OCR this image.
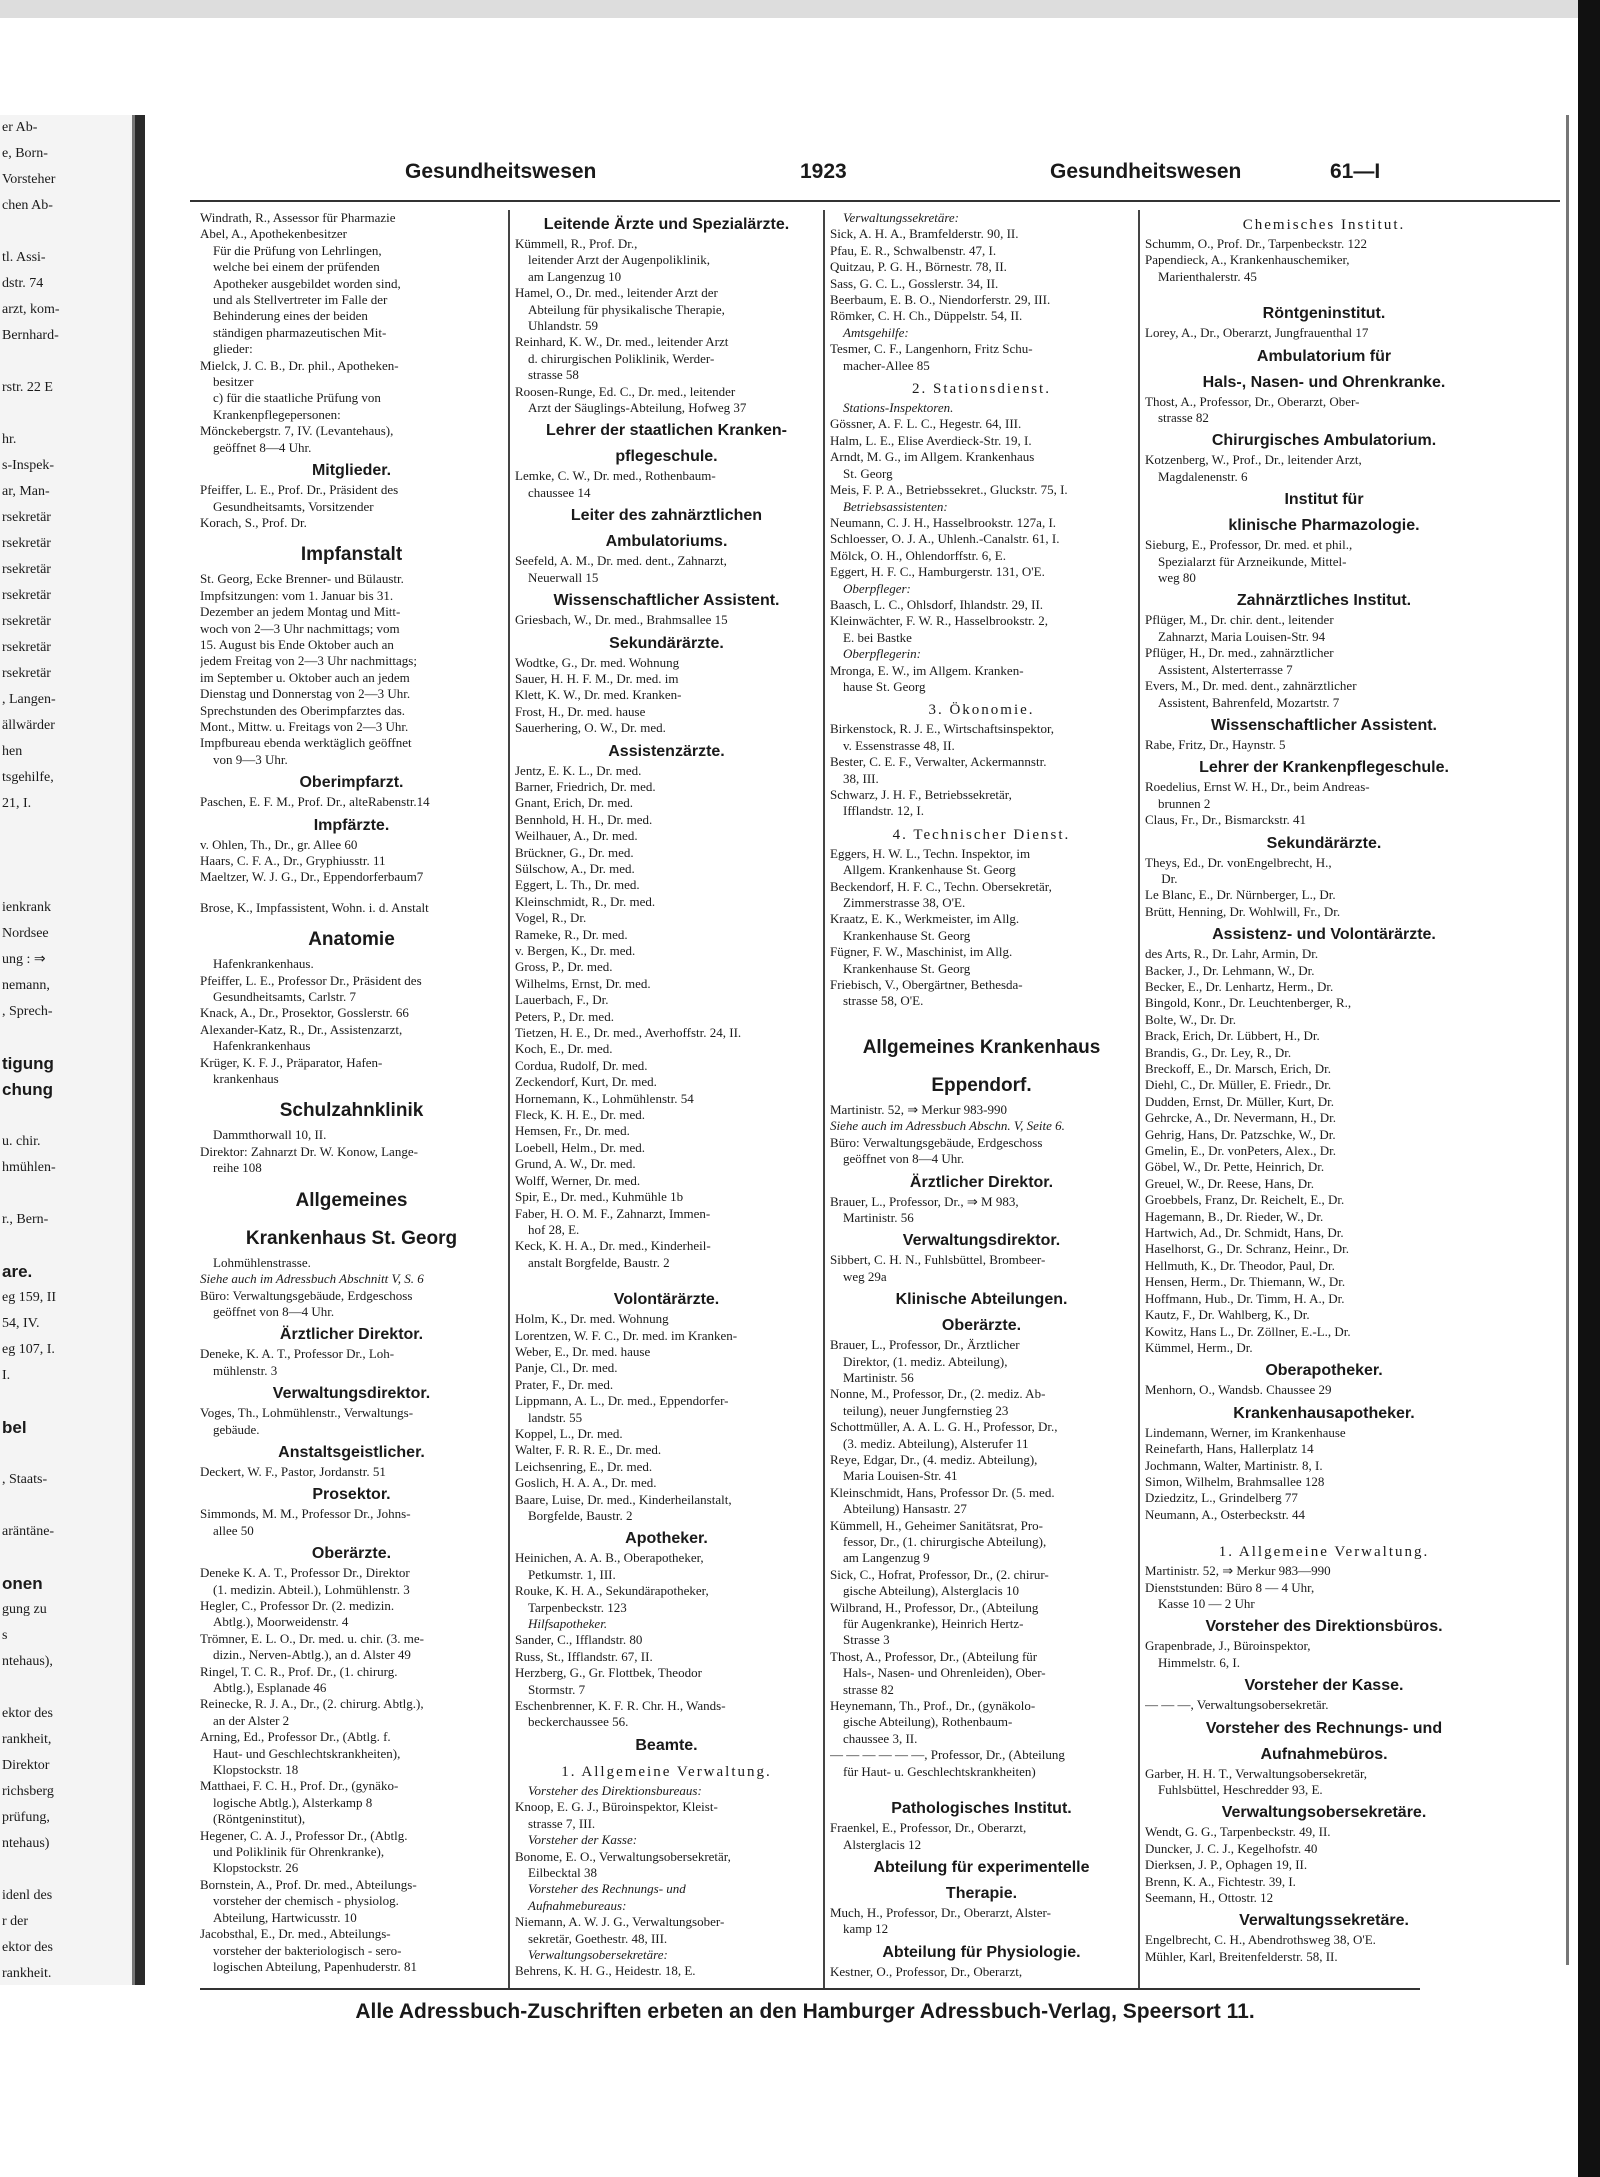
er Ab-
e, Born-
Vorsteher
chen Ab-

tl. Assi-
dstr. 74
arzt, kom-
Bernhard-

rstr. 22 E

hr.
s-Inspek-
ar, Man-
rsekretär
rsekretär
rsekretär
rsekretär
rsekretär
rsekretär
rsekretär
, Langen-
ällwärder
hen
tsgehilfe,
21, I.

ienkrank
Nordsee
ung : ⇒
nemann,
, Sprech-

tigung
chung

u. chir.
hmühlen-

r., Bern-

are.
eg 159, II
54, IV.
eg 107, I.
I.

bel

, Staats-

aräntäne-

onen
gung zu
s
ntehaus),

ektor des
rankheit,
Direktor
richsberg
prüfung,
ntehaus)

idenl des
r der
ektor des
rankheit.
Gesundheitswesen	1923	Gesundheitswesen	61—I
Windrath, R., Assessor für Pharmazie
Abel, A., Apothekenbesitzer
 Für die Prüfung von Lehrlingen,
 welche bei einem der prüfenden
 Apotheker ausgebildet worden sind,
 und als Stellvertreter im Falle der
 Behinderung eines der beiden
 ständigen pharmazeutischen Mit-
 glieder:
Mielck, J. C. B., Dr. phil., Apotheken-
 besitzer
 c) für die staatliche Prüfung von
 Krankenpflegepersonen:
Mönckebergstr. 7, IV. (Levantehaus),
 geöffnet 8—4 Uhr.
Mitglieder.
Pfeiffer, L. E., Prof. Dr., Präsident des
 Gesundheitsamts, Vorsitzender
Korach, S., Prof. Dr.
Impfanstalt
St. Georg, Ecke Brenner- und Bülaustr.
Impfsitzungen: vom 1. Januar bis 31.
Dezember an jedem Montag und Mitt-
woch von 2—3 Uhr nachmittags; vom
15. August bis Ende Oktober auch an
jedem Freitag von 2—3 Uhr nachmittags;
im September u. Oktober auch an jedem
Dienstag und Donnerstag von 2—3 Uhr.
Sprechstunden des Oberimpfarztes das.
Mont., Mittw. u. Freitags von 2—3 Uhr.
Impfbureau ebenda werktäglich geöffnet
 von 9—3 Uhr.
Oberimpfarzt.
Paschen, E. F. M., Prof. Dr., alteRabenstr.14
Impfärzte.
v. Ohlen, Th., Dr., gr. Allee 60
Haars, C. F. A., Dr., Gryphiusstr. 11
Maeltzer, W. J. G., Dr., Eppendorferbaum7
Brose, K., Impfassistent, Wohn. i. d. Anstalt
Anatomie
 Hafenkrankenhaus.
Pfeiffer, L. E., Professor Dr., Präsident des
 Gesundheitsamts, Carlstr. 7
Knack, A., Dr., Prosektor, Gosslerstr. 66
Alexander-Katz, R., Dr., Assistenzarzt,
 Hafenkrankenhaus
Krüger, K. F. J., Präparator, Hafen-
 krankenhaus
Schulzahnklinik
 Dammthorwall 10, II.
Direktor: Zahnarzt Dr. W. Konow, Lange-
 reihe 108
Allgemeines
Krankenhaus St. Georg
 Lohmühlenstrasse.
Siehe auch im Adressbuch Abschnitt V, S. 6
Büro: Verwaltungsgebäude, Erdgeschoss
 geöffnet von 8—4 Uhr.
Ärztlicher Direktor.
Deneke, K. A. T., Professor Dr., Loh-
 mühlenstr. 3
Verwaltungsdirektor.
Voges, Th., Lohmühlenstr., Verwaltungs-
 gebäude.
Anstaltsgeistlicher.
Deckert, W. F., Pastor, Jordanstr. 51
Prosektor.
Simmonds, M. M., Professor Dr., Johns-
 allee 50
Oberärzte.
Deneke K. A. T., Professor Dr., Direktor
 (1. medizin. Abteil.), Lohmühlenstr. 3
Hegler, C., Professor Dr. (2. medizin.
 Abtlg.), Moorweidenstr. 4
Trömner, E. L. O., Dr. med. u. chir. (3. me-
 dizin., Nerven-Abtlg.), an d. Alster 49
Ringel, T. C. R., Prof. Dr., (1. chirurg.
 Abtlg.), Esplanade 46
Reinecke, R. J. A., Dr., (2. chirurg. Abtlg.),
 an der Alster 2
Arning, Ed., Professor Dr., (Abtlg. f.
 Haut- und Geschlechtskrankheiten),
 Klopstockstr. 18
Matthaei, F. C. H., Prof. Dr., (gynäko-
 logische Abtlg.), Alsterkamp 8
 (Röntgeninstitut),
Hegener, C. A. J., Professor Dr., (Abtlg.
 und Poliklinik für Ohrenkranke),
 Klopstockstr. 26
Bornstein, A., Prof. Dr. med., Abteilungs-
 vorsteher der chemisch - physiolog.
 Abteilung, Hartwicusstr. 10
Jacobsthal, E., Dr. med., Abteilungs-
 vorsteher der bakteriologisch - sero-
 logischen Abteilung, Papenhuderstr. 81
Leitende Ärzte und Spezialärzte.
Kümmell, R., Prof. Dr.,
 leitender Arzt der Augenpoliklinik,
 am Langenzug 10
Hamel, O., Dr. med., leitender Arzt der
 Abteilung für physikalische Therapie,
 Uhlandstr. 59
Reinhard, K. W., Dr. med., leitender Arzt
 d. chirurgischen Poliklinik, Werder-
 strasse 58
Roosen-Runge, Ed. C., Dr. med., leitender
 Arzt der Säuglings-Abteilung, Hofweg 37
Lehrer der staatlichen Kranken-
pflegeschule.
Lemke, C. W., Dr. med., Rothenbaum-
 chaussee 14
Leiter des zahnärztlichen
Ambulatoriums.
Seefeld, A. M., Dr. med. dent., Zahnarzt,
 Neuerwall 15
Wissenschaftlicher Assistent.
Griesbach, W., Dr. med., Brahmsallee 15
Sekundärärzte.
Wodtke, G., Dr. med. Wohnung
Sauer, H. H. F. M., Dr. med. im
Klett, K. W., Dr. med. Kranken-
Frost, H., Dr. med. hause
Sauerhering, O. W., Dr. med.
Assistenzärzte.
Jentz, E. K. L., Dr. med.
Barner, Friedrich, Dr. med.
Gnant, Erich, Dr. med.
Bennhold, H. H., Dr. med.
Weilhauer, A., Dr. med.
Brückner, G., Dr. med.
Sülschow, A., Dr. med.
Eggert, L. Th., Dr. med.
Kleinschmidt, R., Dr. med.
Vogel, R., Dr.
Rameke, R., Dr. med.
v. Bergen, K., Dr. med.
Gross, P., Dr. med.
Wilhelms, Ernst, Dr. med.
Lauerbach, F., Dr.
Peters, P., Dr. med.
Tietzen, H. E., Dr. med., Averhoffstr. 24, II.
Koch, E., Dr. med.
Cordua, Rudolf, Dr. med.
Zeckendorf, Kurt, Dr. med.
Hornemann, K., Lohmühlenstr. 54
Fleck, K. H. E., Dr. med.
Hemsen, Fr., Dr. med.
Loebell, Helm., Dr. med.
Grund, A. W., Dr. med.
Wolff, Werner, Dr. med.
Spir, E., Dr. med., Kuhmühle 1b
Faber, H. O. M. F., Zahnarzt, Immen-
 hof 28, E.
Keck, K. H. A., Dr. med., Kinderheil-
 anstalt Borgfelde, Baustr. 2
Volontärärzte.
Holm, K., Dr. med. Wohnung
Lorentzen, W. F. C., Dr. med. im Kranken-
Weber, E., Dr. med. hause
Panje, Cl., Dr. med.
Prater, F., Dr. med.
Lippmann, A. L., Dr. med., Eppendorfer-
 landstr. 55
Koppel, L., Dr. med.
Walter, F. R. R. E., Dr. med.
Leichsenring, E., Dr. med.
Goslich, H. A. A., Dr. med.
Baare, Luise, Dr. med., Kinderheilanstalt,
 Borgfelde, Baustr. 2
Apotheker.
Heinichen, A. A. B., Oberapotheker,
 Petkumstr. 1, III.
Rouke, K. H. A., Sekundärapotheker,
 Tarpenbeckstr. 123
 Hilfsapotheker.
Sander, C., Ifflandstr. 80
Russ, St., Ifflandstr. 67, II.
Herzberg, G., Gr. Flottbek, Theodor
 Stormstr. 7
Eschenbrenner, K. F. R. Chr. H., Wands-
 beckerchaussee 56.
Beamte.
1. Allgemeine Verwaltung.
 Vorsteher des Direktionsbureaus:
Knoop, E. G. J., Büroinspektor, Kleist-
 strasse 7, III.
 Vorsteher der Kasse:
Bonome, E. O., Verwaltungsobersekretär,
 Eilbecktal 38
 Vorsteher des Rechnungs- und
 Aufnahmebureaus:
Niemann, A. W. J. G., Verwaltungsober-
 sekretär, Goethestr. 48, III.
 Verwaltungsobersekretäre:
Behrens, K. H. G., Heidestr. 18, E.
 Verwaltungssekretäre:
Sick, A. H. A., Bramfelderstr. 90, II.
Pfau, E. R., Schwalbenstr. 47, I.
Quitzau, P. G. H., Börnestr. 78, II.
Sass, G. C. L., Gosslerstr. 34, II.
Beerbaum, E. B. O., Niendorferstr. 29, III.
Römker, C. H. Ch., Düppelstr. 54, II.
 Amtsgehilfe:
Tesmer, C. F., Langenhorn, Fritz Schu-
 macher-Allee 85
2. Stationsdienst.
 Stations-Inspektoren.
Gössner, A. F. L. C., Hegestr. 64, III.
Halm, L. E., Elise Averdieck-Str. 19, I.
Arndt, M. G., im Allgem. Krankenhaus
 St. Georg
Meis, F. P. A., Betriebssekret., Gluckstr. 75, I.
 Betriebsassistenten:
Neumann, C. J. H., Hasselbrookstr. 127a, I.
Schloesser, O. J. A., Uhlenh.-Canalstr. 61, I.
Mölck, O. H., Ohlendorffstr. 6, E.
Eggert, H. F. C., Hamburgerstr. 131, O'E.
 Oberpfleger:
Baasch, L. C., Ohlsdorf, Ihlandstr. 29, II.
Kleinwächter, F. W. R., Hasselbrookstr. 2,
 E. bei Bastke
 Oberpflegerin:
Mronga, E. W., im Allgem. Kranken-
 hause St. Georg
3. Ökonomie.
Birkenstock, R. J. E., Wirtschaftsinspektor,
 v. Essenstrasse 48, II.
Bester, C. E. F., Verwalter, Ackermannstr.
 38, III.
Schwarz, J. H. F., Betriebssekretär,
 Ifflandstr. 12, I.
4. Technischer Dienst.
Eggers, H. W. L., Techn. Inspektor, im
 Allgem. Krankenhause St. Georg
Beckendorf, H. F. C., Techn. Obersekretär,
 Zimmerstrasse 38, O'E.
Kraatz, E. K., Werkmeister, im Allg.
 Krankenhause St. Georg
Fügner, F. W., Maschinist, im Allg.
 Krankenhause St. Georg
Friebisch, V., Obergärtner, Bethesda-
 strasse 58, O'E.
Allgemeines Krankenhaus
Eppendorf.
Martinistr. 52, ⇒ Merkur 983-990
Siehe auch im Adressbuch Abschn. V, Seite 6.
Büro: Verwaltungsgebäude, Erdgeschoss
 geöffnet von 8—4 Uhr.
Ärztlicher Direktor.
Brauer, L., Professor, Dr., ⇒ M 983,
 Martinistr. 56
Verwaltungsdirektor.
Sibbert, C. H. N., Fuhlsbüttel, Brombeer-
 weg 29a
Klinische Abteilungen.
Oberärzte.
Brauer, L., Professor, Dr., Ärztlicher
 Direktor, (1. mediz. Abteilung),
 Martinistr. 56
Nonne, M., Professor, Dr., (2. mediz. Ab-
 teilung), neuer Jungfernstieg 23
Schottmüller, A. A. L. G. H., Professor, Dr.,
 (3. mediz. Abteilung), Alsterufer 11
Reye, Edgar, Dr., (4. mediz. Abteilung),
 Maria Louisen-Str. 41
Kleinschmidt, Hans, Professor Dr. (5. med.
 Abteilung) Hansastr. 27
Kümmell, H., Geheimer Sanitätsrat, Pro-
 fessor, Dr., (1. chirurgische Abteilung),
 am Langenzug 9
Sick, C., Hofrat, Professor, Dr., (2. chirur-
 gische Abteilung), Alsterglacis 10
Wilbrand, H., Professor, Dr., (Abteilung
 für Augenkranke), Heinrich Hertz-
 Strasse 3
Thost, A., Professor, Dr., (Abteilung für
 Hals-, Nasen- und Ohrenleiden), Ober-
 strasse 82
Heynemann, Th., Prof., Dr., (gynäkolo-
 gische Abteilung), Rothenbaum-
 chaussee 3, II.
— — — — — —, Professor, Dr., (Abteilung
 für Haut- u. Geschlechtskrankheiten)
Pathologisches Institut.
Fraenkel, E., Professor, Dr., Oberarzt,
 Alsterglacis 12
Abteilung für experimentelle
Therapie.
Much, H., Professor, Dr., Oberarzt, Alster-
 kamp 12
Abteilung für Physiologie.
Kestner, O., Professor, Dr., Oberarzt,
Chemisches Institut.
Schumm, O., Prof. Dr., Tarpenbeckstr. 122
Papendieck, A., Krankenhauschemiker,
 Marienthalerstr. 45
Röntgeninstitut.
Lorey, A., Dr., Oberarzt, Jungfrauenthal 17
Ambulatorium für
Hals-, Nasen- und Ohrenkranke.
Thost, A., Professor, Dr., Oberarzt, Ober-
 strasse 82
Chirurgisches Ambulatorium.
Kotzenberg, W., Prof., Dr., leitender Arzt,
 Magdalenenstr. 6
Institut für
klinische Pharmazologie.
Sieburg, E., Professor, Dr. med. et phil.,
 Spezialarzt für Arzneikunde, Mittel-
 weg 80
Zahnärztliches Institut.
Pflüger, M., Dr. chir. dent., leitender
 Zahnarzt, Maria Louisen-Str. 94
Pflüger, H., Dr. med., zahnärztlicher
 Assistent, Alsterterrasse 7
Evers, M., Dr. med. dent., zahnärztlicher
 Assistent, Bahrenfeld, Mozartstr. 7
Wissenschaftlicher Assistent.
Rabe, Fritz, Dr., Haynstr. 5
Lehrer der Krankenpflegeschule.
Roedelius, Ernst W. H., Dr., beim Andreas-
 brunnen 2
Claus, Fr., Dr., Bismarckstr. 41
Sekundärärzte.
Theys, Ed., Dr. vonEngelbrecht, H.,
  Dr.
Le Blanc, E., Dr. Nürnberger, L., Dr.
Brütt, Henning, Dr. Wohlwill, Fr., Dr.
Assistenz- und Volontärärzte.
des Arts, R., Dr. Lahr, Armin, Dr.
Backer, J., Dr. Lehmann, W., Dr.
Becker, E., Dr. Lenhartz, Herm., Dr.
Bingold, Konr., Dr. Leuchtenberger, R.,
Bolte, W., Dr. Dr.
Brack, Erich, Dr. Lübbert, H., Dr.
Brandis, G., Dr. Ley, R., Dr.
Breckoff, E., Dr. Marsch, Erich, Dr.
Diehl, C., Dr. Müller, E. Friedr., Dr.
Dudden, Ernst, Dr. Müller, Kurt, Dr.
Gehrcke, A., Dr. Nevermann, H., Dr.
Gehrig, Hans, Dr. Patzschke, W., Dr.
Gmelin, E., Dr. vonPeters, Alex., Dr.
Göbel, W., Dr. Pette, Heinrich, Dr.
Greuel, W., Dr. Reese, Hans, Dr.
Groebbels, Franz, Dr. Reichelt, E., Dr.
Hagemann, B., Dr. Rieder, W., Dr.
Hartwich, Ad., Dr. Schmidt, Hans, Dr.
Haselhorst, G., Dr. Schranz, Heinr., Dr.
Hellmuth, K., Dr. Theodor, Paul, Dr.
Hensen, Herm., Dr. Thiemann, W., Dr.
Hoffmann, Hub., Dr. Timm, H. A., Dr.
Kautz, F., Dr. Wahlberg, K., Dr.
Kowitz, Hans L., Dr. Zöllner, E.-L., Dr.
Kümmel, Herm., Dr.
Oberapotheker.
Menhorn, O., Wandsb. Chaussee 29
Krankenhausapotheker.
Lindemann, Werner, im Krankenhause
Reinefarth, Hans, Hallerplatz 14
Jochmann, Walter, Martinistr. 8, I.
Simon, Wilhelm, Brahmsallee 128
Dziedzitz, L., Grindelberg 77
Neumann, A., Osterbeckstr. 44
1. Allgemeine Verwaltung.
Martinistr. 52, ⇒ Merkur 983—990
Dienststunden: Büro 8 — 4 Uhr,
 Kasse 10 — 2 Uhr
Vorsteher des Direktionsbüros.
Grapenbrade, J., Büroinspektor,
 Himmelstr. 6, I.
Vorsteher der Kasse.
— — —, Verwaltungsobersekretär.
Vorsteher des Rechnungs- und
Aufnahmebüros.
Garber, H. H. T., Verwaltungsobersekretär,
 Fuhlsbüttel, Heschredder 93, E.
Verwaltungsobersekretäre.
Wendt, G. G., Tarpenbeckstr. 49, II.
Duncker, J. C. J., Kegelhofstr. 40
Dierksen, J. P., Ophagen 19, II.
Brenn, K. A., Fichtestr. 39, I.
Seemann, H., Ottostr. 12
Verwaltungssekretäre.
Engelbrecht, C. H., Abendrothsweg 38, O'E.
Mühler, Karl, Breitenfelderstr. 58, II.
Alle Adressbuch-Zuschriften erbeten an den Hamburger Adressbuch-Verlag, Speersort 11.
